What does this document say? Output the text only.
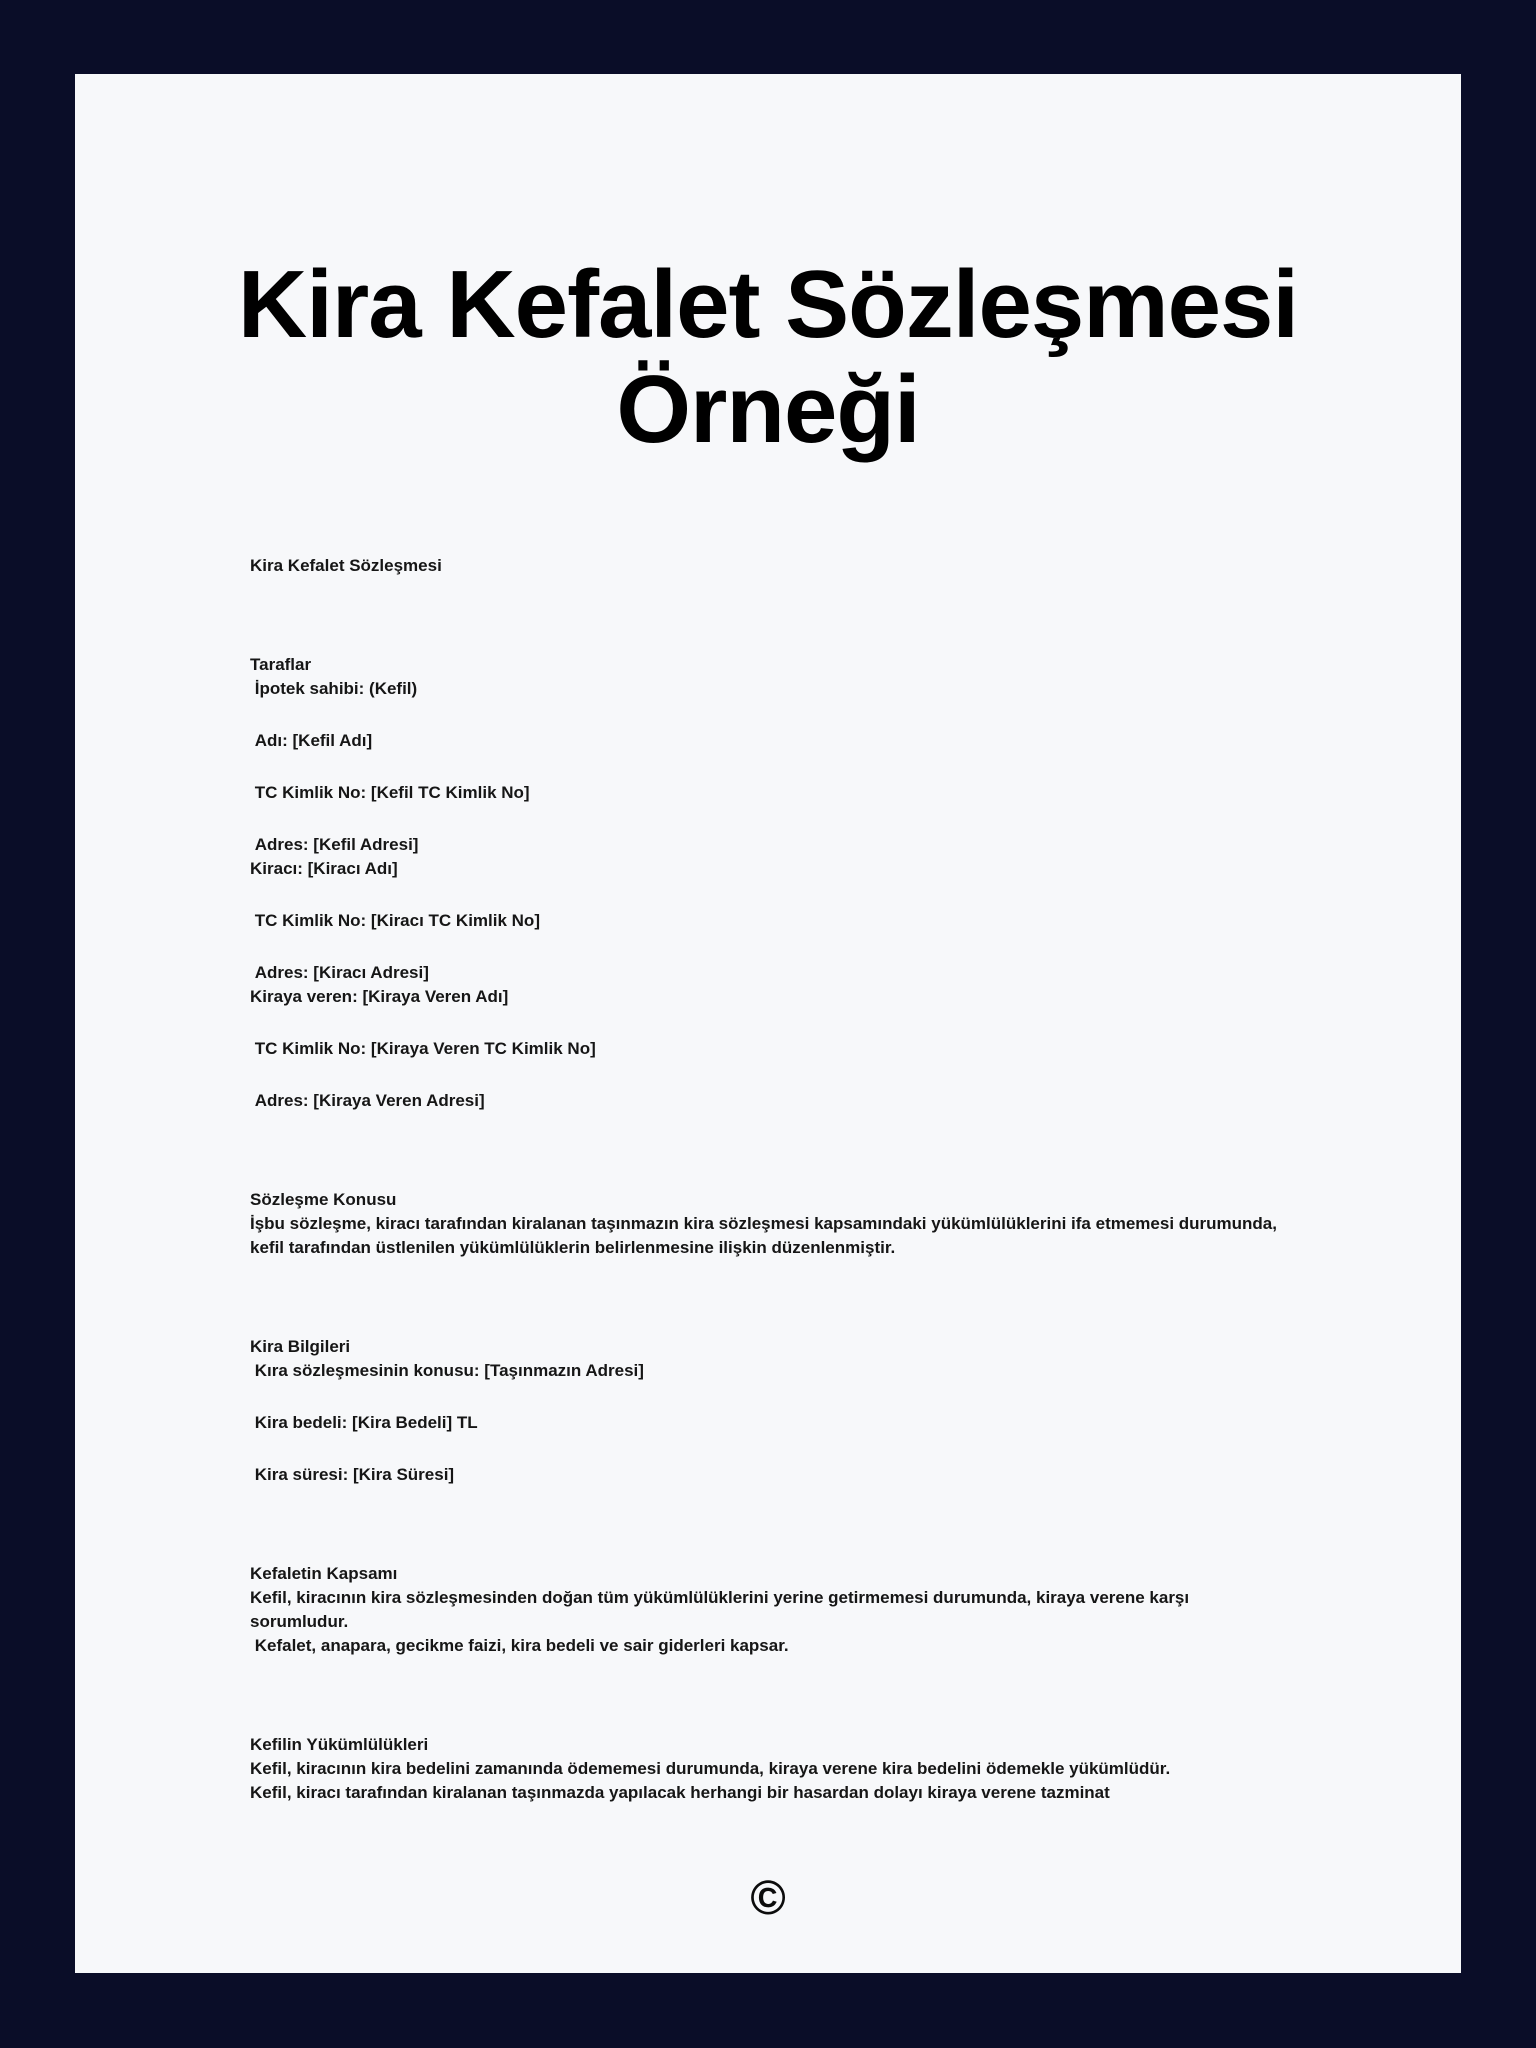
Kira Kefalet Sözleşmesi Örneği

Kira Kefalet Sözleşmesi

Taraflar
İpotek sahibi: (Kefil)

Adı: [Kefil Adı]

TC Kimlik No: [Kefil TC Kimlik No]

Adres: [Kefil Adresi]
Kiracı: [Kiracı Adı]

TC Kimlik No: [Kiracı TC Kimlik No]

Adres: [Kiracı Adresi]
Kiraya veren: [Kiraya Veren Adı]

TC Kimlik No: [Kiraya Veren TC Kimlik No]

Adres: [Kiraya Veren Adresi]

Sözleşme Konusu
İşbu sözleşme, kiracı tarafından kiralanan taşınmazın kira sözleşmesi kapsamındaki yükümlülüklerini ifa etmemesi durumunda, kefil tarafından üstlenilen yükümlülüklerin belirlenmesine ilişkin düzenlenmiştir.

Kira Bilgileri
Kıra sözleşmesinin konusu: [Taşınmazın Adresi]

Kira bedeli: [Kira Bedeli] TL

Kira süresi: [Kira Süresi]

Kefaletin Kapsamı
Kefil, kiracının kira sözleşmesinden doğan tüm yükümlülüklerini yerine getirmemesi durumunda, kiraya verene karşı sorumludur.
Kefalet, anapara, gecikme faizi, kira bedeli ve sair giderleri kapsar.

Kefilin Yükümlülükleri
Kefil, kiracının kira bedelini zamanında ödememesi durumunda, kiraya verene kira bedelini ödemekle yükümlüdür.
Kefil, kiracı tarafından kiralanan taşınmazda yapılacak herhangi bir hasardan dolayı kiraya verene tazminat

©
